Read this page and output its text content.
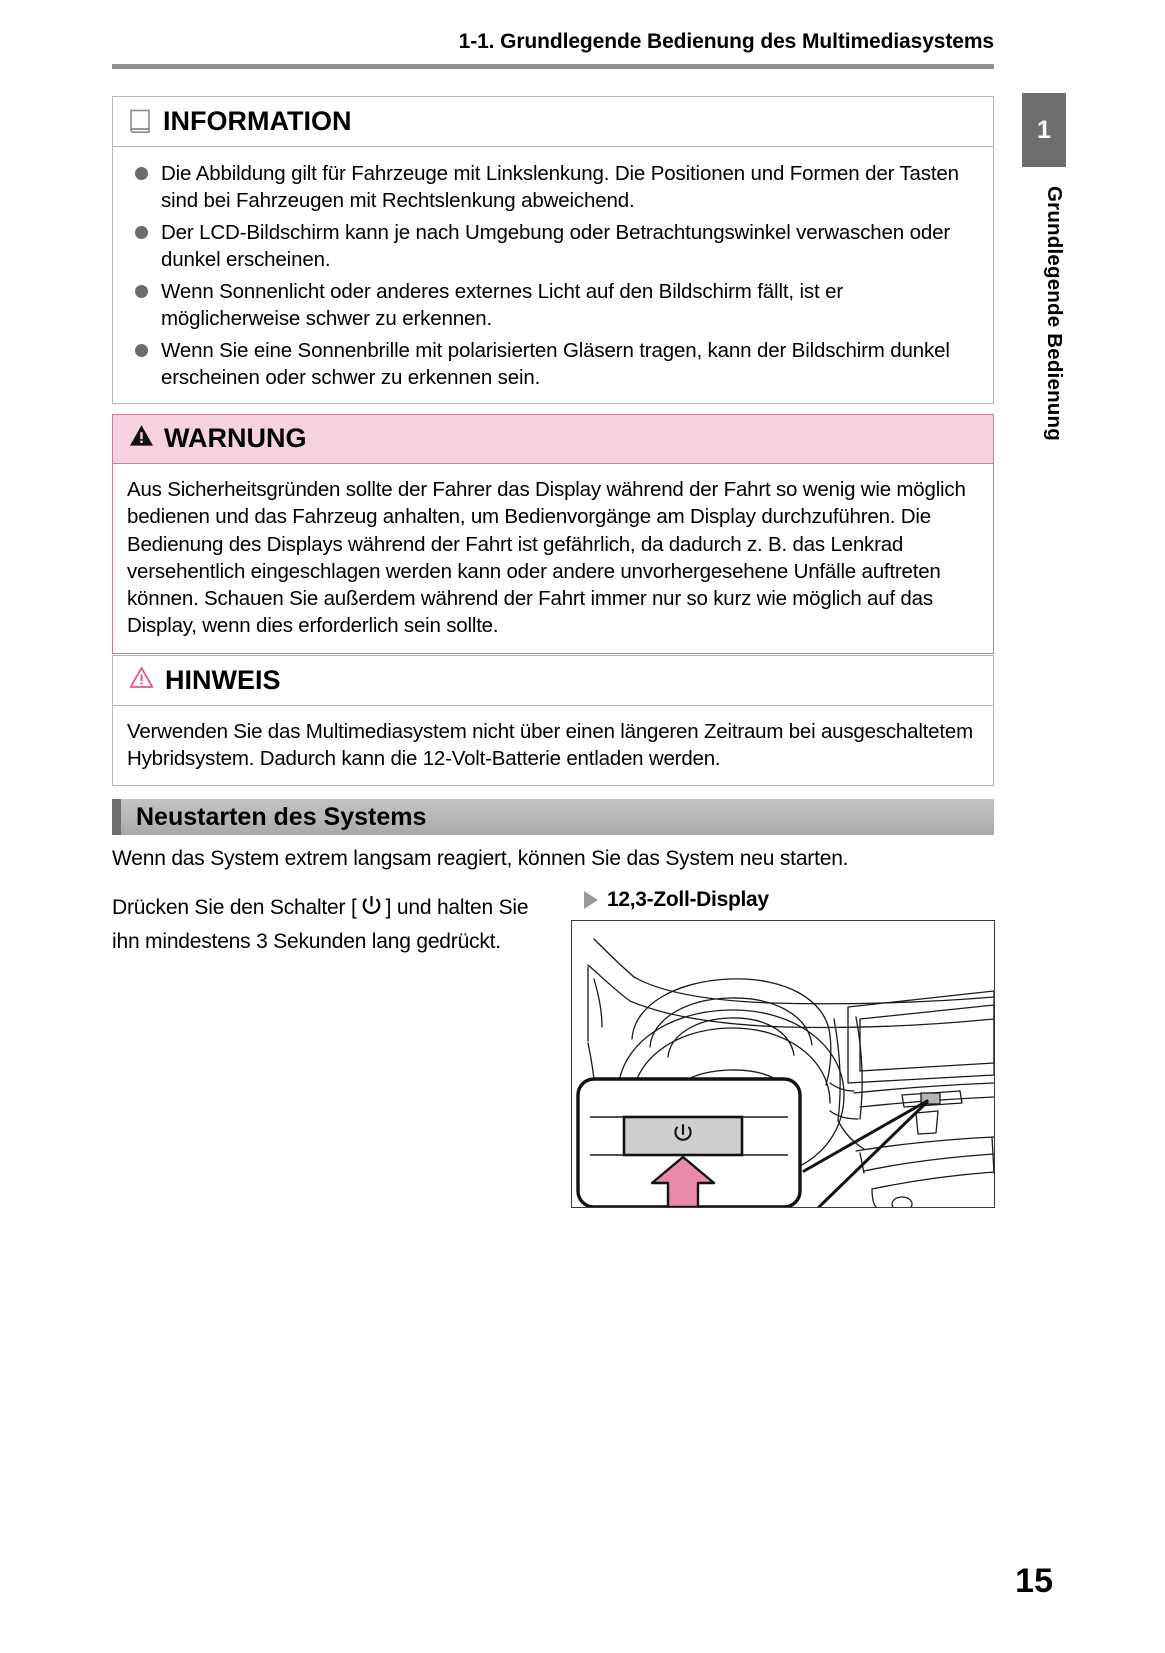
1-1. Grundlegende Bedienung des Multimediasystems
1
Grundlegende Bedienung
INFORMATION
Die Abbildung gilt für Fahrzeuge mit Linkslenkung. Die Positionen und Formen der Tasten sind bei Fahrzeugen mit Rechtslenkung abweichend.
Der LCD-Bildschirm kann je nach Umgebung oder Betrachtungswinkel verwaschen oder dunkel erscheinen.
Wenn Sonnenlicht oder anderes externes Licht auf den Bildschirm fällt, ist er möglicherweise schwer zu erkennen.
Wenn Sie eine Sonnenbrille mit polarisierten Gläsern tragen, kann der Bildschirm dunkel erscheinen oder schwer zu erkennen sein.
WARNUNG
Aus Sicherheitsgründen sollte der Fahrer das Display während der Fahrt so wenig wie möglich bedienen und das Fahrzeug anhalten, um Bedienvorgänge am Display durchzuführen. Die Bedienung des Displays während der Fahrt ist gefährlich, da dadurch z. B. das Lenkrad versehentlich eingeschlagen werden kann oder andere unvorhergesehene Unfälle auftreten können. Schauen Sie außerdem während der Fahrt immer nur so kurz wie möglich auf das Display, wenn dies erforderlich sein sollte.
HINWEIS
Verwenden Sie das Multimediasystem nicht über einen längeren Zeitraum bei ausgeschaltetem Hybridsystem. Dadurch kann die 12-Volt-Batterie entladen werden.
Neustarten des Systems
Wenn das System extrem langsam reagiert, können Sie das System neu starten.
Drücken Sie den Schalter [ ] und halten Sie ihn mindestens 3 Sekunden lang gedrückt.
12,3-Zoll-Display
15
